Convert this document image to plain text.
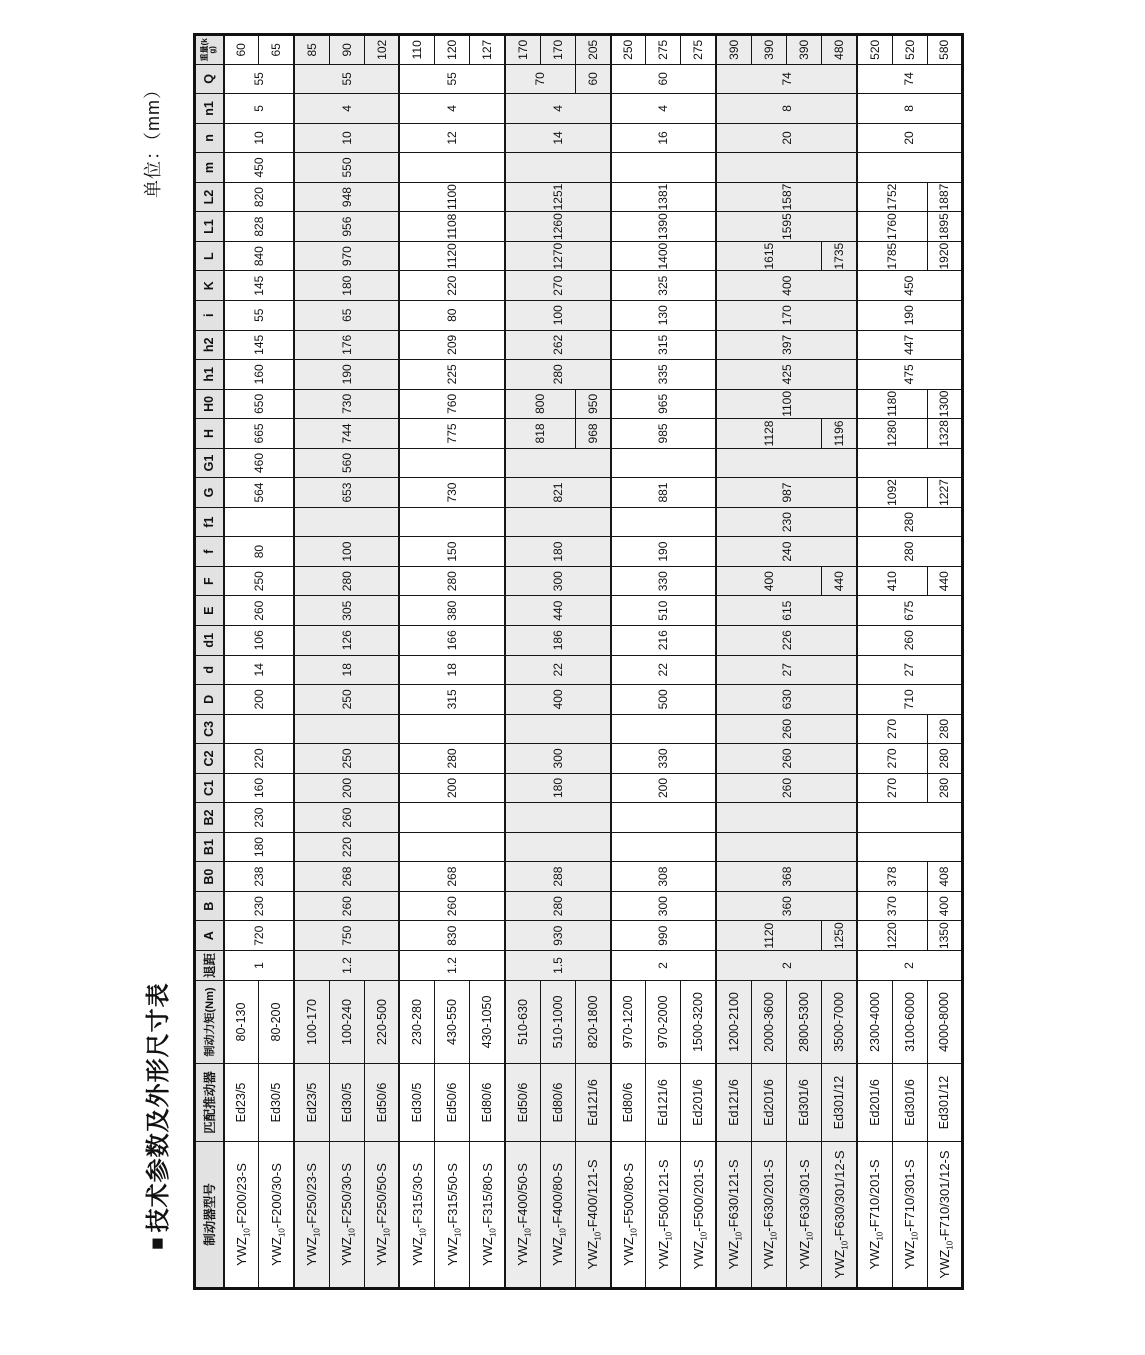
单位：（mm）
■技术参数及外形尺寸表	制动器型号	匹配推动器	制动力矩(Nm)	退距	A	B	B0	B1	B2	C1	C2	C3	D	d	d1	E	F	f	f1	G	G1	H	H0	h1	h2	i	K	L	L1	L2	m	n	n1	Q	重量(kg)
$YWZ_{10}-F200/23-S$	Ed23/5	80-130	1	720	230	238	180	230	160	220		200	14	106	260	250	80		564	460	665	650	160	145	55	145	840	828	820	450	10	5	55	60
$YWZ_{10}-F200/30-S$	Ed30/5	80-200																																65
$YWZ_{10}-F250/23-S$	Ed23/5	100-170	1.2	750	260	268	220	260	200	250		250	18	126	305	280	100		653	560	744	730	190	176	65	180	970	956	948	550	10	4	55	85
$YWZ_{10}-F250/30-S$	Ed30/5	100-240																																90
$YWZ_{10}-F250/50-S$	Ed50/6	220-500																																102
$YWZ_{10}-F315/30-S$	Ed30/5	230-280	1.2	830	260	268			200	280		315	18	166	380	280	150		730		775	760	225	209	80	220	1120	1108	1100		12	4	55	110
$YWZ_{10}-F315/50-S$	Ed50/6	430-550																																120
$YWZ_{10}-F315/80-S$	Ed80/6	430-1050																																127
$YWZ_{10}-F400/50-S$	Ed50/6	510-630	1.5	930	280	288			180	300		400	22	186	440	300	180		821		818	800	280	262	100	270	1270	1260	1251		14	4	70	170
$YWZ_{10}-F400/80-S$	Ed80/6	510-1000																																170
$YWZ_{10}-F400/121-S$	Ed121/6	820-1800																			968	950											60	205
$YWZ_{10}-F500/80-S$	Ed80/6	970-1200	2	990	300	308			200	330		500	22	216	510	330	190		881		985	965	335	315	130	325	1400	1390	1381		16	4	60	250
$YWZ_{10}-F500/121-S$	Ed121/6	970-2000																																275
$YWZ_{10}-F500/201-S$	Ed201/6	1500-3200																																275
$YWZ_{10}-F630/121-S$	Ed121/6	1200-2100	2	1120	360	368			260	260	260	630	27	226	615	400	240	230	987		1128	1100	425	397	170	400	1615	1595	1587		20	8	74	390
$YWZ_{10}-F630/201-S$	Ed201/6	2000-3600																																390
$YWZ_{10}-F630/301-S$	Ed301/6	2800-5300																																390
$YWZ_{10}-F630/301/12-S$	Ed301/12	3500-7000		1250												440					1196						1735							480
$YWZ_{10}-F710/201-S$	Ed201/6	2300-4000	2	1220	370	378			270	270	270	710	27	260	675	410	280	280	1092		1280	1180	475	447	190	450	1785	1760	1752		20	8	74	520
$YWZ_{10}-F710/301-S$	Ed301/6	3100-6000																																520
$YWZ_{10}-F710/301/12-S$	Ed301/12	4000-8000		1350	400	408			280	280	280					440			1227		1328	1300					1920	1895	1887					580
